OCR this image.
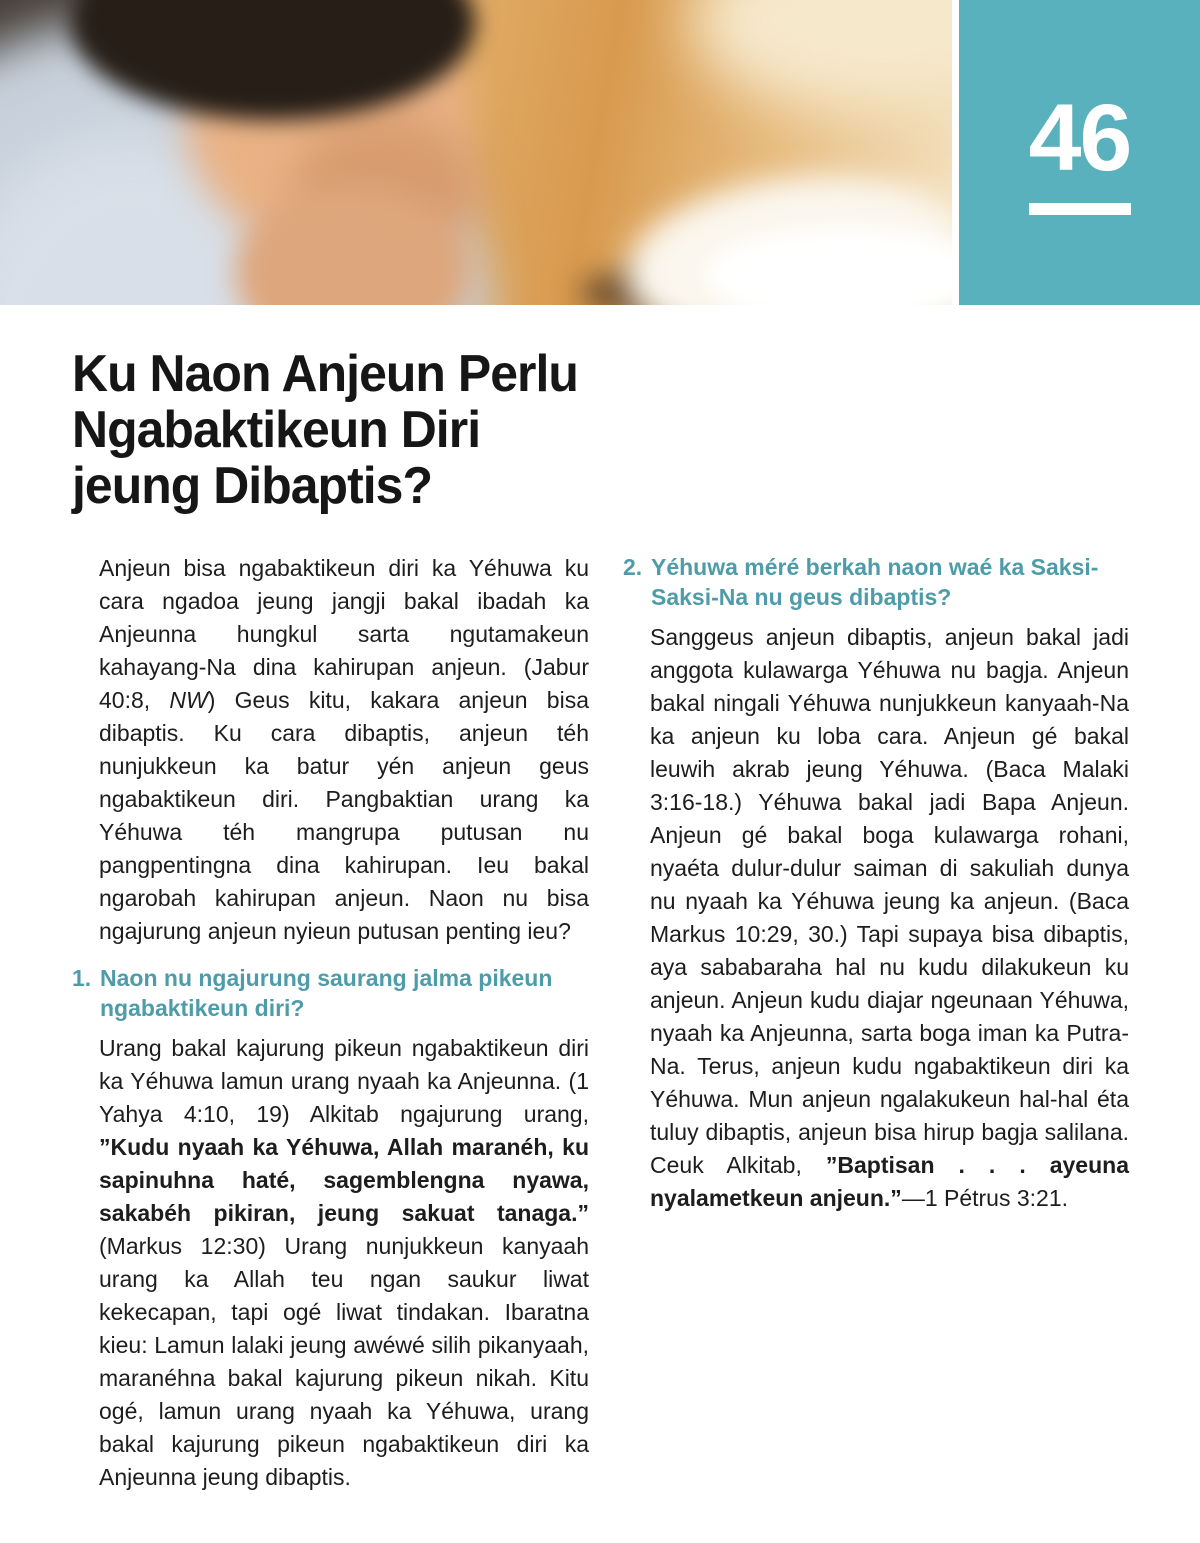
46
Ku Naon Anjeun Perlu
Ngabaktikeun Diri
jeung Dibaptis?

Anjeun bisa ngabaktikeun diri ka Yéhuwa ku cara ngadoa jeung jangji bakal ibadah ka Anjeunna hungkul sarta ngutamakeun kahayang-Na dina kahirupan anjeun. (Jabur 40:8, NW) Geus kitu, kakara anjeun bisa dibaptis. Ku cara dibaptis, anjeun téh nunjukkeun ka batur yén anjeun geus ngabaktikeun diri. Pangbaktian urang ka Yéhuwa téh mangrupa putusan nu pangpentingna dina kahirupan. Ieu bakal ngarobah kahirupan anjeun. Naon nu bisa ngajurung anjeun nyieun putusan penting ieu?

1. Naon nu ngajurung saurang jalma pikeun ngabaktikeun diri?

Urang bakal kajurung pikeun ngabaktikeun diri ka Yéhuwa lamun urang nyaah ka Anjeunna. (1 Yahya 4:10, 19) Alkitab ngajurung urang, ”Kudu nyaah ka Yéhuwa, Allah maranéh, ku sapinuhna haté, sagemblengna nyawa, sakabéh pikiran, jeung sakuat tanaga.” (Markus 12:30) Urang nunjukkeun kanyaah urang ka Allah teu ngan saukur liwat kekecapan, tapi ogé liwat tindakan. Ibaratna kieu: Lamun lalaki jeung awéwé silih pikanyaah, maranéhna bakal kajurung pikeun nikah. Kitu ogé, lamun urang nyaah ka Yéhuwa, urang bakal kajurung pikeun ngabaktikeun diri ka Anjeunna jeung dibaptis.

2. Yéhuwa méré berkah naon waé ka Saksi-Saksi-Na nu geus dibaptis?

Sanggeus anjeun dibaptis, anjeun bakal jadi anggota kulawarga Yéhuwa nu bagja. Anjeun bakal ningali Yéhuwa nunjukkeun kanyaah-Na ka anjeun ku loba cara. Anjeun gé bakal leuwih akrab jeung Yéhuwa. (Baca Malaki 3:16-18.) Yéhuwa bakal jadi Bapa Anjeun. Anjeun gé bakal boga kulawarga rohani, nyaéta dulur-dulur saiman di sakuliah dunya nu nyaah ka Yéhuwa jeung ka anjeun. (Baca Markus 10:29, 30.) Tapi supaya bisa dibaptis, aya sababaraha hal nu kudu dilakukeun ku anjeun. Anjeun kudu diajar ngeunaan Yéhuwa, nyaah ka Anjeunna, sarta boga iman ka Putra-Na. Terus, anjeun kudu ngabaktikeun diri ka Yéhuwa. Mun anjeun ngalakukeun hal-hal éta tuluy dibaptis, anjeun bisa hirup bagja salilana. Ceuk Alkitab, ”Baptisan . . . ayeuna nyalametkeun anjeun.”—1 Pétrus 3:21.
